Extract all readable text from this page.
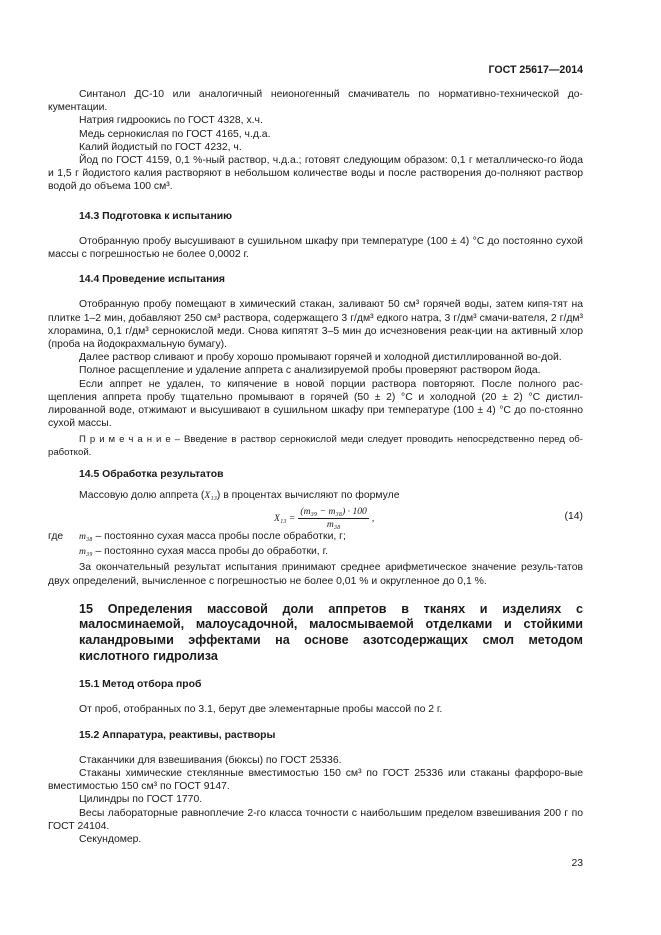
ГОСТ 25617—2014

Синтанол ДС-10 или аналогичный неионогенный смачиватель по нормативно-технической до-кументации.

Натрия гидроокись по ГОСТ 4328, х.ч.

Медь сернокислая по ГОСТ 4165, ч.д.а.

Калий йодистый по ГОСТ 4232, ч.

Йод по ГОСТ 4159, 0,1 %-ный раствор, ч.д.а.; готовят следующим образом: 0,1 г металлическо-го йода и 1,5 г йодистого калия растворяют в небольшом количестве воды и после растворения до-полняют раствор водой до объема 100 см³.

14.3 Подготовка к испытанию

Отобранную пробу высушивают в сушильном шкафу при температуре (100 ± 4) °С до постоянно сухой массы с погрешностью не более 0,0002 г.

14.4 Проведение испытания

Отобранную пробу помещают в химический стакан, заливают 50 см³ горячей воды, затем кипя-тят на плитке 1–2 мин, добавляют 250 см³ раствора, содержащего 3 г/дм³ едкого натра, 3 г/дм³ смачи-вателя, 2 г/дм³ хлорамина, 0,1 г/дм³ сернокислой меди. Снова кипятят 3–5 мин до исчезновения реак-ции на активный хлор (проба на йодокрахмальную бумагу).

Далее раствор сливают и пробу хорошо промывают горячей и холодной дистиллированной во-дой.

Полное расщепление и удаление аппрета с анализируемой пробы проверяют раствором йода.

Если аппрет не удален, то кипячение в новой порции раствора повторяют. После полного рас-щепления аппрета пробу тщательно промывают в горячей (50 ± 2) °С и холодной (20 ± 2) °С дистил-лированной воде, отжимают и высушивают в сушильном шкафу при температуре (100 ± 4) °С до по-стоянно сухой массы.

П р и м е ч а н и е – Введение в раствор сернокислой меди следует проводить непосредственно перед об-работкой.

14.5 Обработка результатов

Массовую долю аппрета (X₁₃) в процентах вычисляют по формуле

$X_{13} = \frac{\text{(m₃₉ − m₃₈) · 100}}{\text{m₃₈}}$ ,	(14)
где m₃₈ – постоянно сухая масса пробы после обработки, г;
m₃₉ – постоянно сухая масса пробы до обработки, г.

За окончательный результат испытания принимают среднее арифметическое значение резуль-татов двух определений, вычисленное с погрешностью не более 0,01 % и округленное до 0,1 %.

15 Определения массовой доли аппретов в тканях и изделиях с малосминаемой, малоусадочной, малосмываемой отделками и стойкими каландровыми эффектами на основе азотсодержащих смол методом кислотного гидролиза
15.1 Метод отбора проб

От проб, отобранных по 3.1, берут две элементарные пробы массой по 2 г.

15.2 Аппаратура, реактивы, растворы

Стаканчики для взвешивания (бюксы) по ГОСТ 25336.

Стаканы химические стеклянные вместимостью 150 см³ по ГОСТ 25336 или стаканы фарфоро-вые вместимостью 150 см³ по ГОСТ 9147.

Цилиндры по ГОСТ 1770.

Весы лабораторные равноплечие 2-го класса точности с наибольшим пределом взвешивания 200 г по ГОСТ 24104.

Секундомер.

23
